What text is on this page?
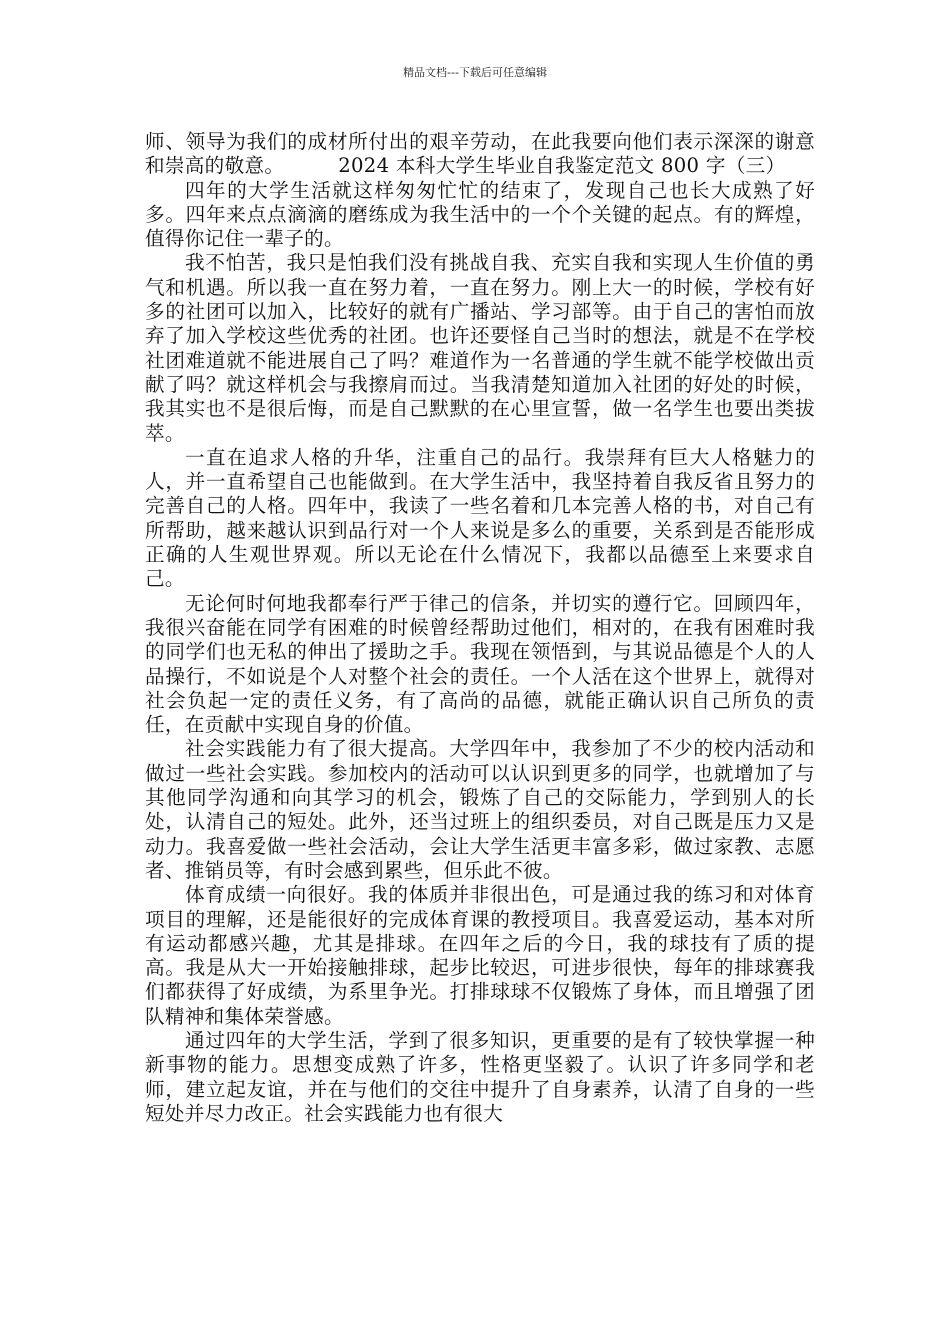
精品文档---下载后可任意编辑

师、领导为我们的成材所付出的艰辛劳动，在此我要向他们表示深深的谢意和崇高的敬意。	2024 本科大学生毕业自我鉴定范文 800 字（三）

四年的大学生活就这样匆匆忙忙的结束了，发现自己也长大成熟了好多。四年来点点滴滴的磨练成为我生活中的一个个关键的起点。有的辉煌，值得你记住一辈子的。

我不怕苦，我只是怕我们没有挑战自我、充实自我和实现人生价值的勇气和机遇。所以我一直在努力着，一直在努力。刚上大一的时候，学校有好多的社团可以加入，比较好的就有广播站、学习部等。由于自己的害怕而放弃了加入学校这些优秀的社团。也许还要怪自己当时的想法，就是不在学校社团难道就不能进展自己了吗？难道作为一名普通的学生就不能学校做出贡献了吗？就这样机会与我擦肩而过。当我清楚知道加入社团的好处的时候，我其实也不是很后悔，而是自己默默的在心里宣誓，做一名学生也要出类拔萃。

一直在追求人格的升华，注重自己的品行。我崇拜有巨大人格魅力的人，并一直希望自己也能做到。在大学生活中，我坚持着自我反省且努力的完善自己的人格。四年中，我读了一些名着和几本完善人格的书，对自己有所帮助，越来越认识到品行对一个人来说是多么的重要，关系到是否能形成正确的人生观世界观。所以无论在什么情况下，我都以品德至上来要求自己。

无论何时何地我都奉行严于律己的信条，并切实的遵行它。回顾四年，我很兴奋能在同学有困难的时候曾经帮助过他们，相对的，在我有困难时我的同学们也无私的伸出了援助之手。我现在领悟到，与其说品德是个人的人品操行，不如说是个人对整个社会的责任。一个人活在这个世界上，就得对社会负起一定的责任义务，有了高尚的品德，就能正确认识自己所负的责任，在贡献中实现自身的价值。

社会实践能力有了很大提高。大学四年中，我参加了不少的校内活动和做过一些社会实践。参加校内的活动可以认识到更多的同学，也就增加了与其他同学沟通和向其学习的机会，锻炼了自己的交际能力，学到别人的长处，认清自己的短处。此外，还当过班上的组织委员，对自己既是压力又是动力。我喜爱做一些社会活动，会让大学生活更丰富多彩，做过家教、志愿者、推销员等，有时会感到累些，但乐此不彼。

体育成绩一向很好。我的体质并非很出色，可是通过我的练习和对体育项目的理解，还是能很好的完成体育课的教授项目。我喜爱运动，基本对所有运动都感兴趣，尤其是排球。在四年之后的今日，我的球技有了质的提高。我是从大一开始接触排球，起步比较迟，可进步很快，每年的排球赛我们都获得了好成绩，为系里争光。打排球球不仅锻炼了身体，而且增强了团队精神和集体荣誉感。

通过四年的大学生活，学到了很多知识，更重要的是有了较快掌握一种新事物的能力。思想变成熟了许多，性格更坚毅了。认识了许多同学和老师，建立起友谊，并在与他们的交往中提升了自身素养，认清了自身的一些短处并尽力改正。社会实践能力也有很大
